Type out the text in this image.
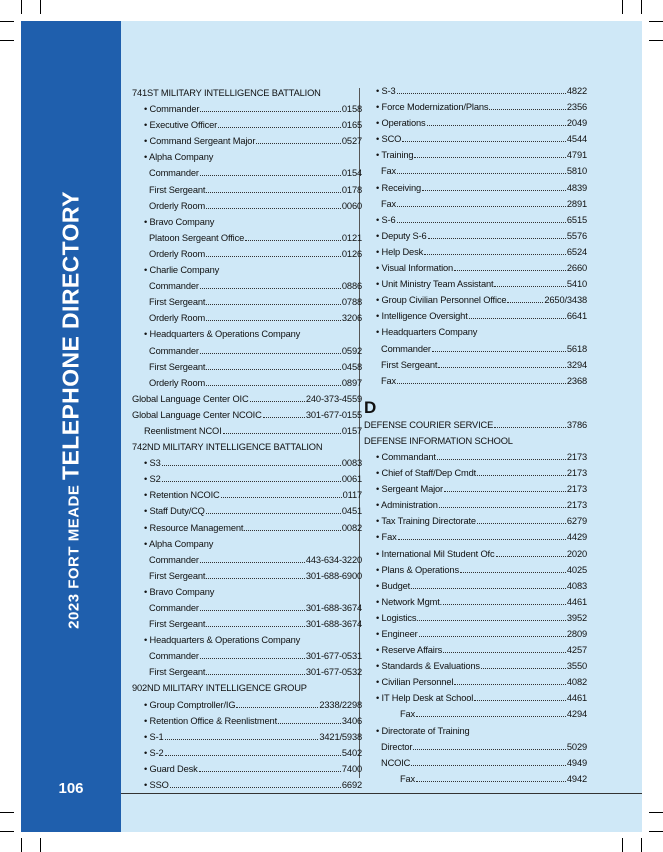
2023 FORT MEADE TELEPHONE DIRECTORY
106
741ST MILITARY INTELLIGENCE BATTALION
• Commander	0158
• Executive Officer	0165
• Command Sergeant Major	0527
• Alpha Company
Commander	0154
First Sergeant	0178
Orderly Room	0060
• Bravo Company
Platoon Sergeant Office	0121
Orderly Room	0126
• Charlie Company
Commander	0886
First Sergeant	0788
Orderly Room	3206
• Headquarters & Operations Company
Commander	0592
First Sergeant	0458
Orderly Room	0897
Global Language Center OIC	240-373-4559
Global Language Center NCOIC	301-677-0155
Reenlistment NCOI	0157
742ND MILITARY INTELLIGENCE BATTALION
• S3	0083
• S2	0061
• Retention NCOIC	0117
• Staff Duty/CQ	0451
• Resource Management	0082
• Alpha Company
Commander	443-634-3220
First Sergeant	301-688-6900
• Bravo Company
Commander	301-688-3674
First Sergeant	301-688-3674
• Headquarters & Operations Company
Commander	301-677-0531
First Sergeant	301-677-0532
902ND MILITARY INTELLIGENCE GROUP
• Group Comptroller/IG	2338/2298
• Retention Office & Reenlistment	3406
• S-1	3421/5938
• S-2	5402
• Guard Desk	7400
• SSO	6692
• S-3	4822
• Force Modernization/Plans	2356
• Operations	2049
• SCO	4544
• Training	4791
Fax	5810
• Receiving	4839
Fax	2891
• S-6	6515
• Deputy S-6	5576
• Help Desk	6524
• Visual Information	2660
• Unit Ministry Team Assistant	5410
• Group Civilian Personnel Office	2650/3438
• Intelligence Oversight	6641
• Headquarters Company
Commander	5618
First Sergeant	3294
Fax	2368
D
DEFENSE COURIER SERVICE	3786
DEFENSE INFORMATION SCHOOL
• Commandant	2173
• Chief of Staff/Dep Cmdt	2173
• Sergeant Major	2173
• Administration	2173
• Tax Training Directorate	6279
• Fax	4429
• International Mil Student Ofc	2020
• Plans & Operations	4025
• Budget	4083
• Network Mgmt.	4461
• Logistics	3952
• Engineer	2809
• Reserve Affairs	4257
• Standards & Evaluations	3550
• Civilian Personnel	4082
• IT Help Desk at School	4461
Fax	4294
• Directorate of Training
Director	5029
NCOIC	4949
Fax	4942
